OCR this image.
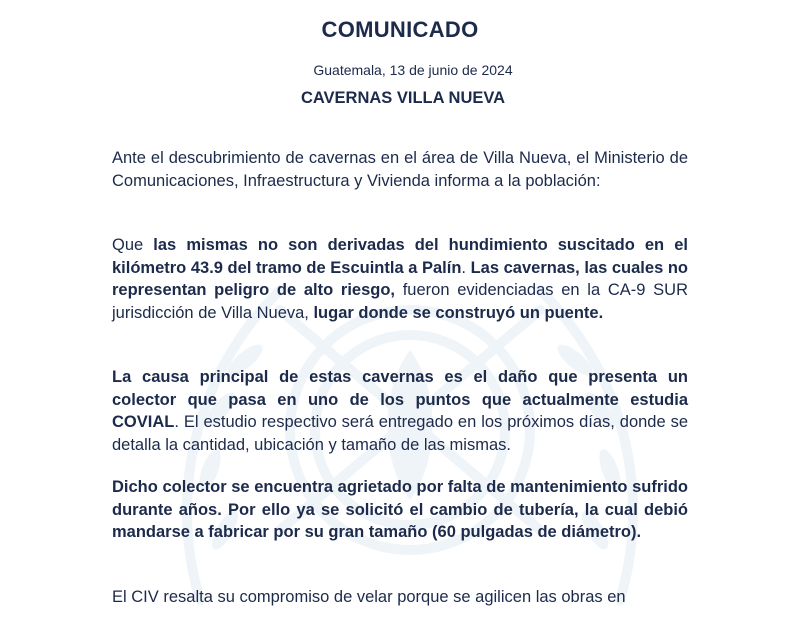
COMUNICADO
Guatemala, 13 de junio de 2024
CAVERNAS VILLA NUEVA
Ante el descubrimiento de cavernas en el área de Villa Nueva, el Ministerio de Comunicaciones, Infraestructura y Vivienda informa a la población:
Que las mismas no son derivadas del hundimiento suscitado en el kilómetro 43.9 del tramo de Escuintla a Palín. Las cavernas, las cuales no representan peligro de alto riesgo, fueron evidenciadas en la CA-9 SUR jurisdicción de Villa Nueva, lugar donde se construyó un puente.
La causa principal de estas cavernas es el daño que presenta un colector que pasa en uno de los puntos que actualmente estudia COVIAL. El estudio respectivo será entregado en los próximos días, donde se detalla la cantidad, ubicación y tamaño de las mismas.
Dicho colector se encuentra agrietado por falta de mantenimiento sufrido durante años. Por ello ya se solicitó el cambio de tubería, la cual debió mandarse a fabricar por su gran tamaño (60 pulgadas de diámetro).
El CIV resalta su compromiso de velar porque se agilicen las obras en
